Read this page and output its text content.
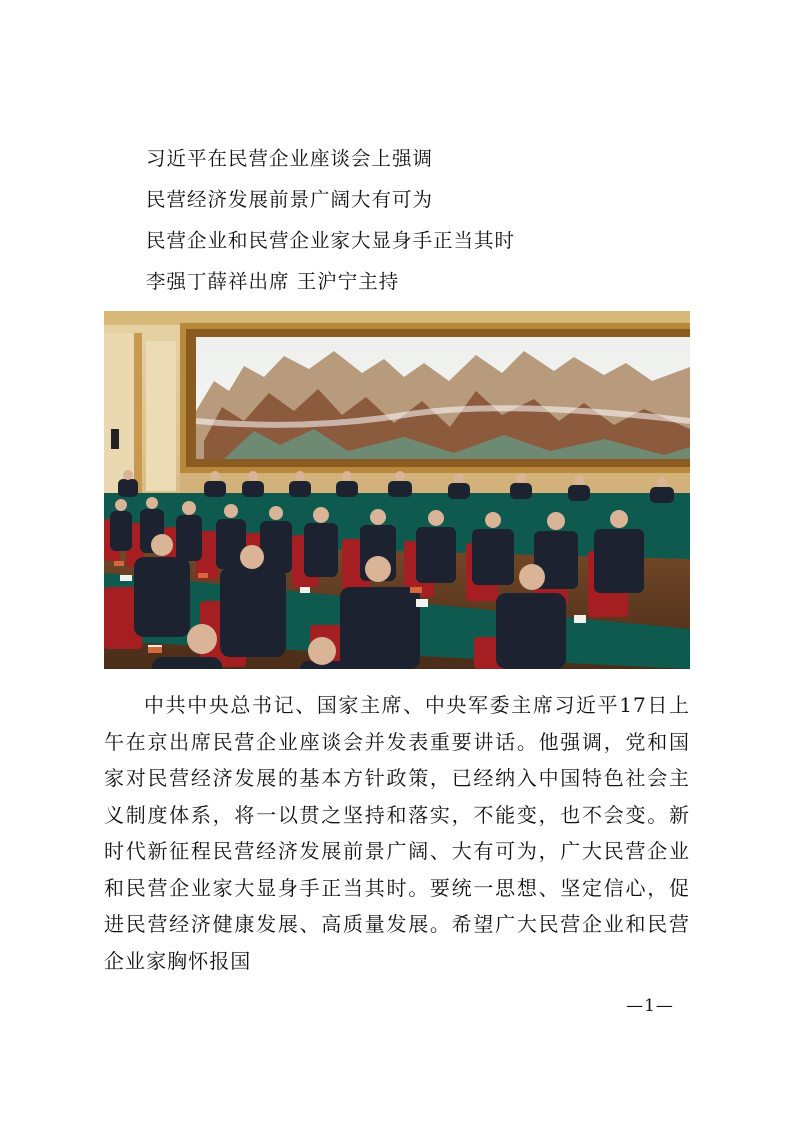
习近平在民营企业座谈会上强调
民营经济发展前景广阔大有可为
民营企业和民营企业家大显身手正当其时
李强丁薛祥出席 王沪宁主持

中共中央总书记、国家主席、中央军委主席习近平17日上午在京出席民营企业座谈会并发表重要讲话。他强调，党和国家对民营经济发展的基本方针政策，已经纳入中国特色社会主义制度体系，将一以贯之坚持和落实，不能变，也不会变。新时代新征程民营经济发展前景广阔、大有可为，广大民营企业和民营企业家大显身手正当其时。要统一思想、坚定信心，促进民营经济健康发展、高质量发展。希望广大民营企业和民营企业家胸怀报国

—1—
